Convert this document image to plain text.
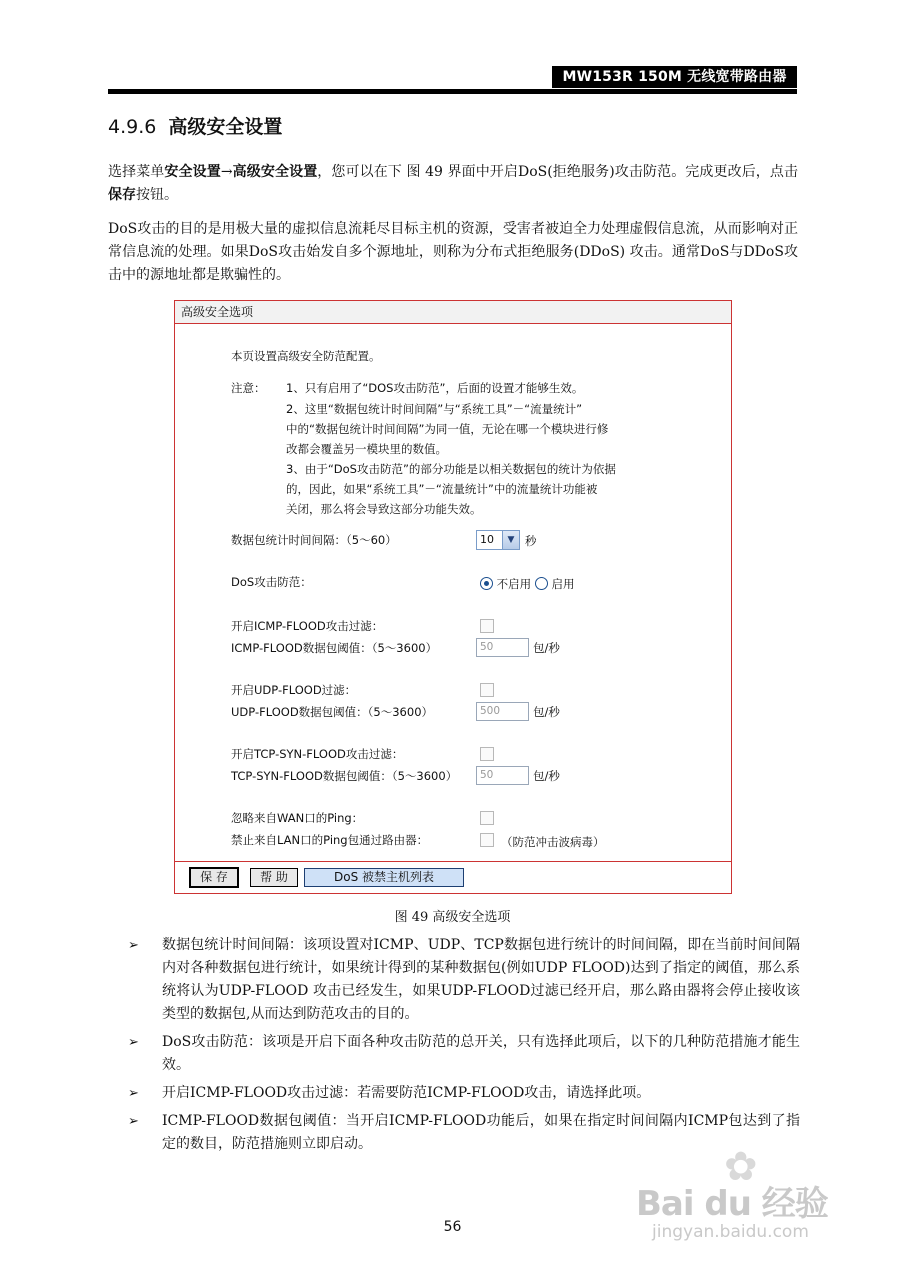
MW153R 150M 无线宽带路由器
4.9.6 高级安全设置
选择菜单安全设置→高级安全设置，您可以在下 图 49 界面中开启DoS(拒绝服务)攻击防范。完成更改后，点击保存按钮。
DoS攻击的目的是用极大量的虚拟信息流耗尽目标主机的资源，受害者被迫全力处理虚假信息流，从而影响对正常信息流的处理。如果DoS攻击始发自多个源地址，则称为分布式拒绝服务(DDoS) 攻击。通常DoS与DDoS攻击中的源地址都是欺骗性的。
高级安全选项
本页设置高级安全防范配置。
注意： 1、只有启用了“DOS攻击防范”，后面的设置才能够生效。
2、这里“数据包统计时间间隔”与“系统工具”－“流量统计”
中的“数据包统计时间间隔”为同一值，无论在哪一个模块进行修
改都会覆盖另一模块里的数值。
3、由于“DoS攻击防范”的部分功能是以相关数据包的统计为依据
的，因此，如果“系统工具”－“流量统计”中的流量统计功能被
关闭，那么将会导致这部分功能失效。
数据包统计时间间隔：（5～60）	10	▼ 秒
DoS攻击防范：	不启用 启用
开启ICMP-FLOOD攻击过滤：
ICMP-FLOOD数据包阈值：（5～3600）	50	包/秒
开启UDP-FLOOD过滤：
UDP-FLOOD数据包阈值：（5～3600）	500	包/秒
开启TCP-SYN-FLOOD攻击过滤：
TCP-SYN-FLOOD数据包阈值：（5～3600）	50	包/秒
忽略来自WAN口的Ping：
禁止来自LAN口的Ping包通过路由器：	（防范冲击波病毒）
保 存	帮 助	DoS 被禁主机列表
图 49 高级安全选项
➢ 数据包统计时间间隔：该项设置对ICMP、UDP、TCP数据包进行统计的时间间隔，即在当前时间间隔内对各种数据包进行统计，如果统计得到的某种数据包(例如UDP FLOOD)达到了指定的阈值，那么系统将认为UDP-FLOOD 攻击已经发生，如果UDP-FLOOD过滤已经开启，那么路由器将会停止接收该类型的数据包,从而达到防范攻击的目的。
➢ DoS攻击防范：该项是开启下面各种攻击防范的总开关，只有选择此项后，以下的几种防范措施才能生效。
➢ 开启ICMP-FLOOD攻击过滤：若需要防范ICMP-FLOOD攻击，请选择此项。
➢ ICMP-FLOOD数据包阈值：当开启ICMP-FLOOD功能后，如果在指定时间间隔内ICMP包达到了指定的数目，防范措施则立即启动。	✿
Bai du 经验
jingyan.baidu.com
56
